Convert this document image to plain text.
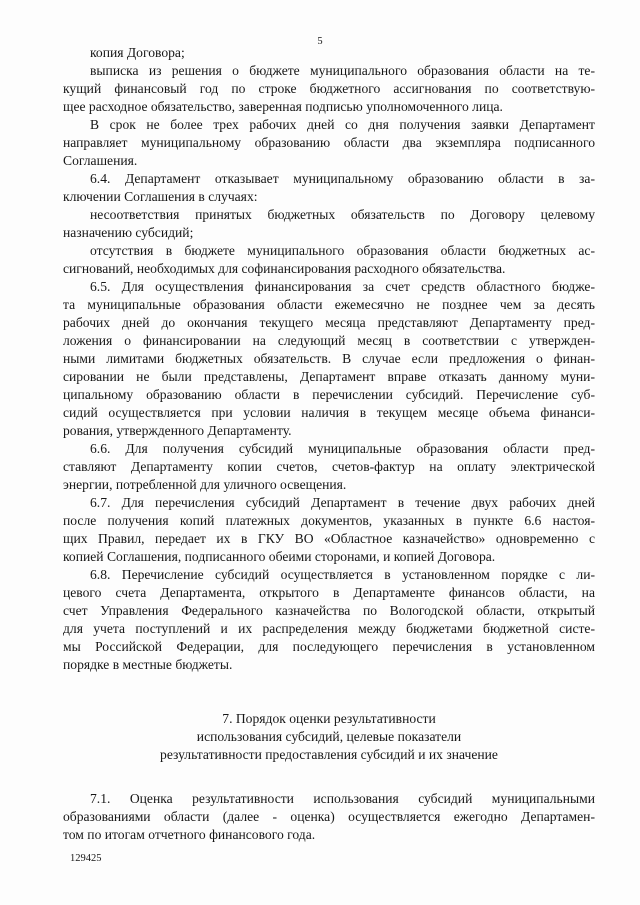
5
копия Договора;
выписка из решения о бюджете муниципального образования области на те-
кущий финансовый год по строке бюджетного ассигнования по соответствую-
щее расходное обязательство, заверенная подписью уполномоченного лица.
В срок не более трех рабочих дней со дня получения заявки Департамент
направляет муниципальному образованию области два экземпляра подписанного
Соглашения.
6.4. Департамент отказывает муниципальному образованию области в за-
ключении Соглашения в случаях:
несоответствия принятых бюджетных обязательств по Договору целевому
назначению субсидий;
отсутствия в бюджете муниципального образования области бюджетных ас-
сигнований, необходимых для софинансирования расходного обязательства.
6.5. Для осуществления финансирования за счет средств областного бюдже-
та муниципальные образования области ежемесячно не позднее чем за десять
рабочих дней до окончания текущего месяца представляют Департаменту пред-
ложения о финансировании на следующий месяц в соответствии с утвержден-
ными лимитами бюджетных обязательств. В случае если предложения о финан-
сировании не были представлены, Департамент вправе отказать данному муни-
ципальному образованию области в перечислении субсидий. Перечисление суб-
сидий осуществляется при условии наличия в текущем месяце объема финанси-
рования, утвержденного Департаменту.
6.6. Для получения субсидий муниципальные образования области пред-
ставляют Департаменту копии счетов, счетов-фактур на оплату электрической
энергии, потребленной для уличного освещения.
6.7. Для перечисления субсидий Департамент в течение двух рабочих дней
после получения копий платежных документов, указанных в пункте 6.6 настоя-
щих Правил, передает их в ГКУ ВО «Областное казначейство» одновременно с
копией Соглашения, подписанного обеими сторонами, и копией Договора.
6.8. Перечисление субсидий осуществляется в установленном порядке с ли-
цевого счета Департамента, открытого в Департаменте финансов области, на
счет Управления Федерального казначейства по Вологодской области, открытый
для учета поступлений и их распределения между бюджетами бюджетной систе-
мы Российской Федерации, для последующего перечисления в установленном
порядке в местные бюджеты.
7. Порядок оценки результативности
использования субсидий, целевые показатели
результативности предоставления субсидий и их значение
7.1. Оценка результативности использования субсидий муниципальными
образованиями области (далее - оценка) осуществляется ежегодно Департамен-
том по итогам отчетного финансового года.
129425
